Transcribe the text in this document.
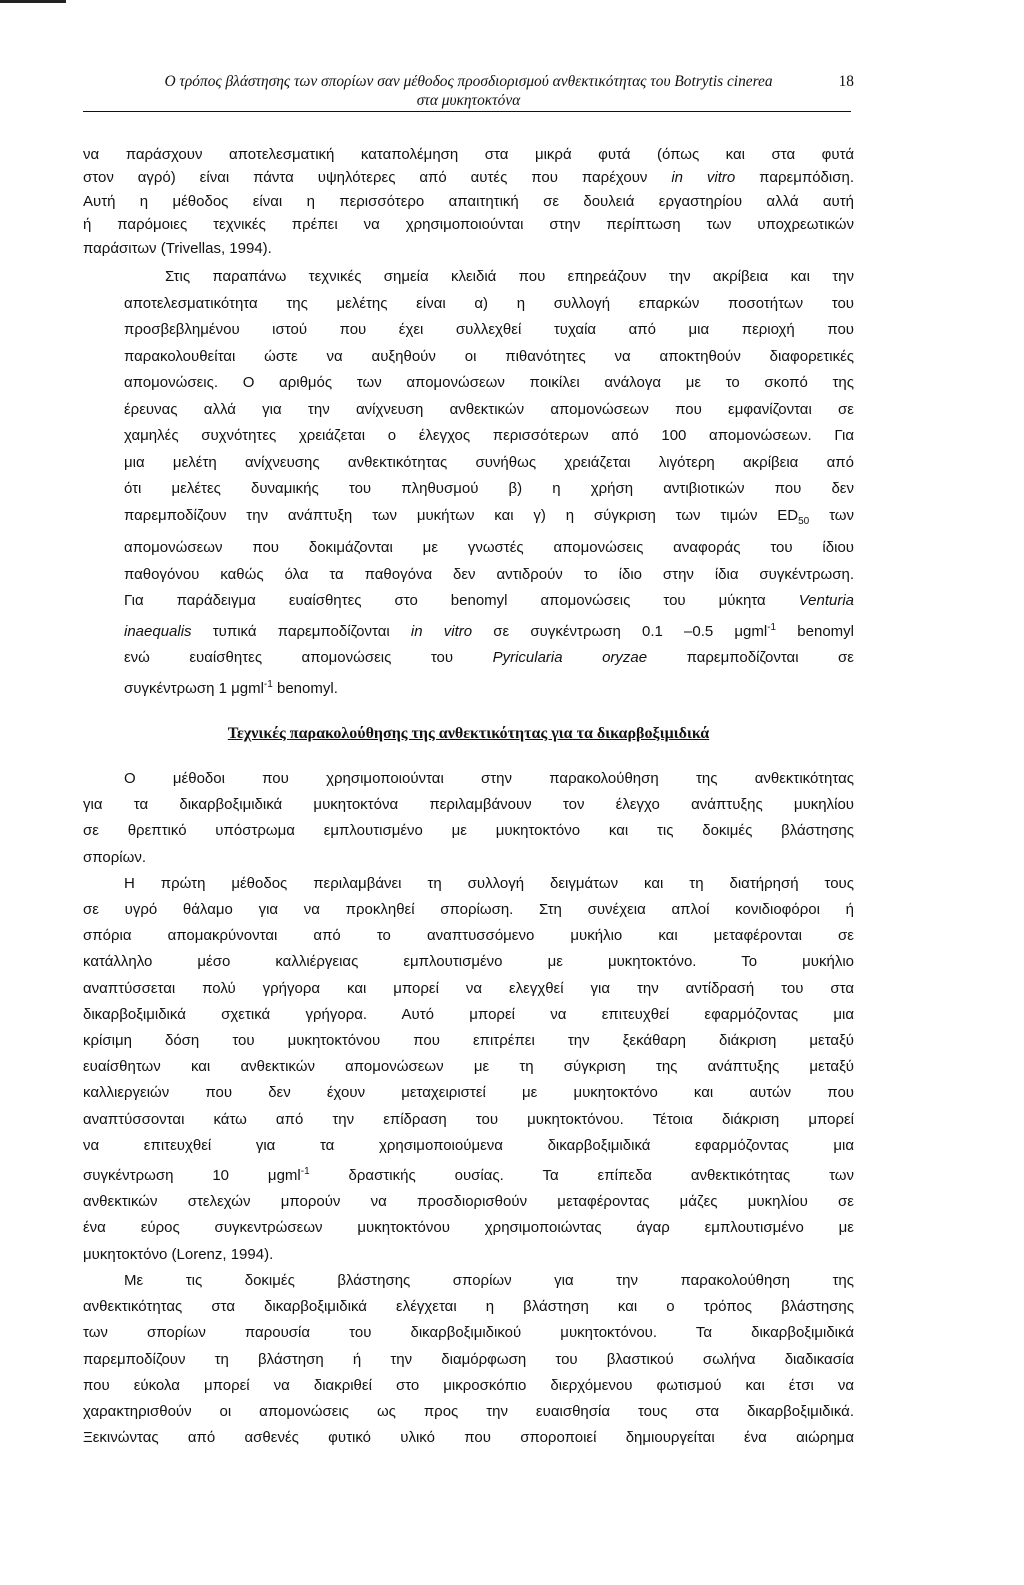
Ο τρόπος βλάστησης των σπορίων σαν μέθοδος προσδιορισμού ανθεκτικότητας του Botrytis cinerea	18
στα μυκητοκτόνα

να παράσχουν αποτελεσματική καταπολέμηση στα μικρά φυτά (όπως και στα φυτά
στον αγρό) είναι πάντα υψηλότερες από αυτές που παρέχουν in vitro παρεμπόδιση.
Αυτή η μέθοδος είναι η περισσότερο απαιτητική σε δουλειά εργαστηρίου αλλά αυτή
ή παρόμοιες τεχνικές πρέπει να χρησιμοποιούνται στην περίπτωση των υποχρεωτικών
παράσιτων (Trivellas, 1994).

Στις παραπάνω τεχνικές σημεία κλειδιά που επηρεάζουν την ακρίβεια και την
αποτελεσματικότητα της μελέτης είναι α) η συλλογή επαρκών ποσοτήτων του
προσβεβλημένου ιστού που έχει συλλεχθεί τυχαία από μια περιοχή που
παρακολουθείται ώστε να αυξηθούν οι πιθανότητες να αποκτηθούν διαφορετικές
απομονώσεις. Ο αριθμός των απομονώσεων ποικίλει ανάλογα με το σκοπό της
έρευνας αλλά για την ανίχνευση ανθεκτικών απομονώσεων που εμφανίζονται σε
χαμηλές συχνότητες χρειάζεται ο έλεγχος περισσότερων από 100 απομονώσεων. Για
μια μελέτη ανίχνευσης ανθεκτικότητας συνήθως χρειάζεται λιγότερη ακρίβεια από
ότι μελέτες δυναμικής του πληθυσμού β) η χρήση αντιβιοτικών που δεν
παρεμποδίζουν την ανάπτυξη των μυκήτων και γ) η σύγκριση των τιμών $ED_{50}$ των
απομονώσεων που δοκιμάζονται με γνωστές απομονώσεις αναφοράς του ίδιου
παθογόνου καθώς όλα τα παθογόνα δεν αντιδρούν το ίδιο στην ίδια συγκέντρωση.
Για παράδειγμα ευαίσθητες στο benomyl απομονώσεις του μύκητα Venturia
inaequalis τυπικά παρεμποδίζονται in vitro σε συγκέντρωση 0.1 –0.5 μgml$^{-1}$ benomyl
ενώ ευαίσθητες απομονώσεις του Pyricularia oryzae παρεμποδίζονται σε
συγκέντρωση 1 μgml$^{-1}$ benomyl.

Τεχνικές παρακολούθησης της ανθεκτικότητας για τα δικαρβοξιμιδικά

Ο μέθοδοι που χρησιμοποιούνται στην παρακολούθηση της ανθεκτικότητας
για τα δικαρβοξιμιδικά μυκητοκτόνα περιλαμβάνουν τον έλεγχο ανάπτυξης μυκηλίου
σε θρεπτικό υπόστρωμα εμπλουτισμένο με μυκητοκτόνο και τις δοκιμές βλάστησης
σπορίων.

Η πρώτη μέθοδος περιλαμβάνει τη συλλογή δειγμάτων και τη διατήρησή τους
σε υγρό θάλαμο για να προκληθεί σπορίωση. Στη συνέχεια απλοί κονιδιοφόροι ή
σπόρια απομακρύνονται από το αναπτυσσόμενο μυκήλιο και μεταφέρονται σε
κατάλληλο μέσο καλλιέργειας εμπλουτισμένο με μυκητοκτόνο. Το μυκήλιο
αναπτύσσεται πολύ γρήγορα και μπορεί να ελεγχθεί για την αντίδρασή του στα
δικαρβοξιμιδικά σχετικά γρήγορα. Αυτό μπορεί να επιτευχθεί εφαρμόζοντας μια
κρίσιμη δόση του μυκητοκτόνου που επιτρέπει την ξεκάθαρη διάκριση μεταξύ
ευαίσθητων και ανθεκτικών απομονώσεων με τη σύγκριση της ανάπτυξης μεταξύ
καλλιεργειών που δεν έχουν μεταχειριστεί με μυκητοκτόνο και αυτών που
αναπτύσσονται κάτω από την επίδραση του μυκητοκτόνου. Τέτοια διάκριση μπορεί
να επιτευχθεί για τα χρησιμοποιούμενα δικαρβοξιμιδικά εφαρμόζοντας μια
συγκέντρωση 10 μgml$^{-1}$ δραστικής ουσίας. Τα επίπεδα ανθεκτικότητας των
ανθεκτικών στελεχών μπορούν να προσδιορισθούν μεταφέροντας μάζες μυκηλίου σε
ένα εύρος συγκεντρώσεων μυκητοκτόνου χρησιμοποιώντας άγαρ εμπλουτισμένο με
μυκητοκτόνο (Lorenz, 1994).

Με τις δοκιμές βλάστησης σπορίων για την παρακολούθηση της
ανθεκτικότητας στα δικαρβοξιμιδικά ελέγχεται η βλάστηση και ο τρόπος βλάστησης
των σπορίων παρουσία του δικαρβοξιμιδικού μυκητοκτόνου. Τα δικαρβοξιμιδικά
παρεμποδίζουν τη βλάστηση ή την διαμόρφωση του βλαστικού σωλήνα διαδικασία
που εύκολα μπορεί να διακριθεί στο μικροσκόπιο διερχόμενου φωτισμού και έτσι να
χαρακτηρισθούν οι απομονώσεις ως προς την ευαισθησία τους στα δικαρβοξιμιδικά.
Ξεκινώντας από ασθενές φυτικό υλικό που σποροποιεί δημιουργείται ένα αιώρημα
